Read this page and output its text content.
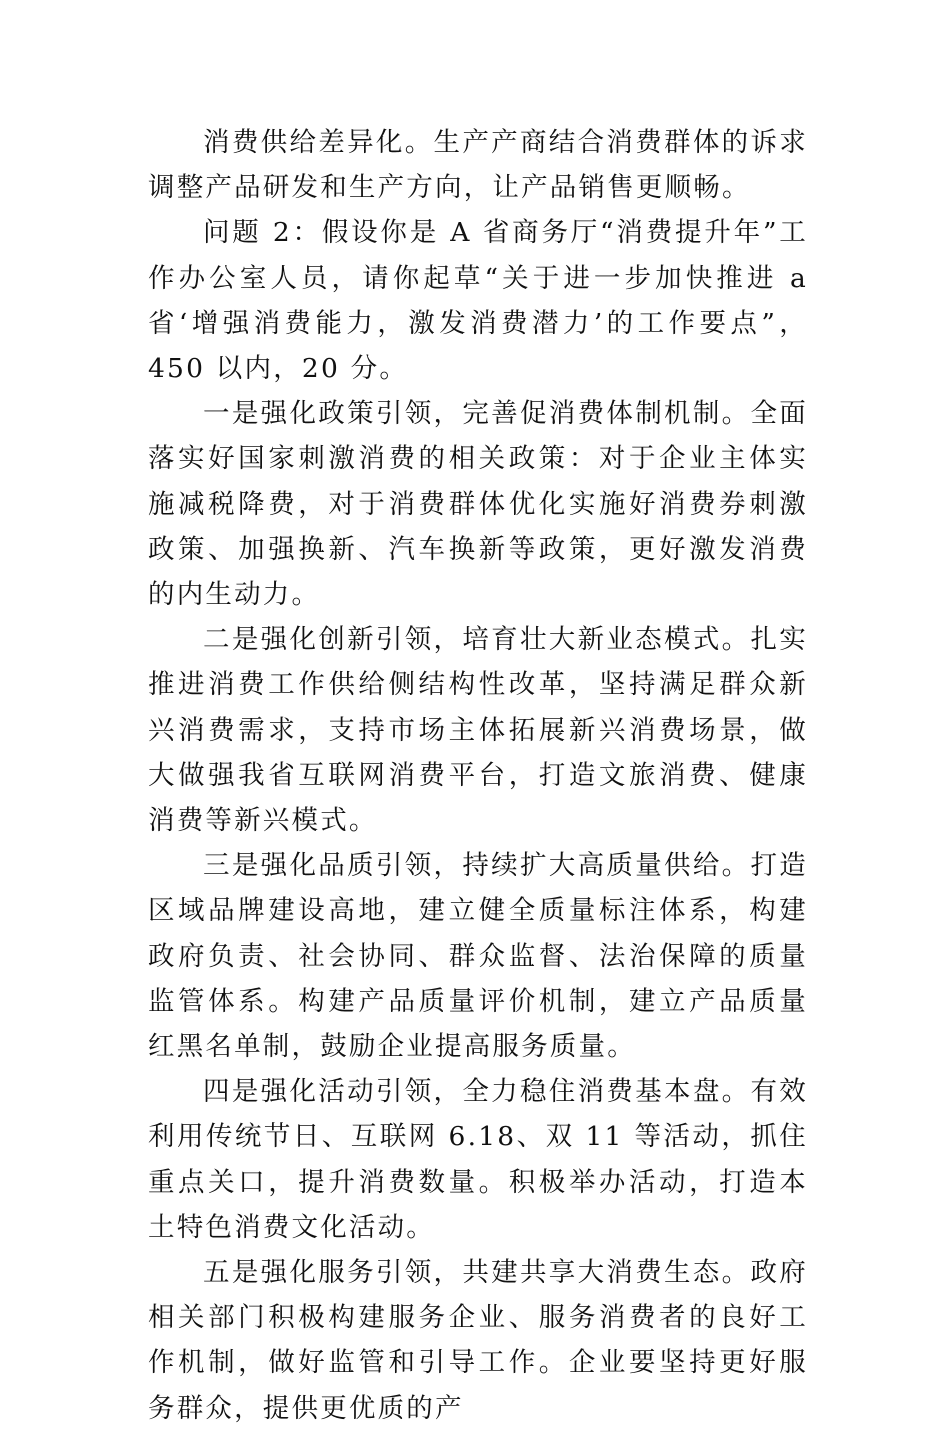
消费供给差异化。生产产商结合消费群体的诉求调整产品研发和生产方向，让产品销售更顺畅。

问题 2：假设你是 A 省商务厅“消费提升年”工作办公室人员，请你起草“关于进一步加快推进 a 省‘增强消费能力，激发消费潜力’的工作要点”，450 以内，20 分。

一是强化政策引领，完善促消费体制机制。全面落实好国家刺激消费的相关政策：对于企业主体实施减税降费，对于消费群体优化实施好消费券刺激政策、加强换新、汽车换新等政策，更好激发消费的内生动力。

二是强化创新引领，培育壮大新业态模式。扎实推进消费工作供给侧结构性改革，坚持满足群众新兴消费需求，支持市场主体拓展新兴消费场景，做大做强我省互联网消费平台，打造文旅消费、健康消费等新兴模式。

三是强化品质引领，持续扩大高质量供给。打造区域品牌建设高地，建立健全质量标注体系，构建政府负责、社会协同、群众监督、法治保障的质量监管体系。构建产品质量评价机制，建立产品质量红黑名单制，鼓励企业提高服务质量。

四是强化活动引领，全力稳住消费基本盘。有效利用传统节日、互联网 6.18、双 11 等活动，抓住重点关口，提升消费数量。积极举办活动，打造本土特色消费文化活动。

五是强化服务引领，共建共享大消费生态。政府相关部门积极构建服务企业、服务消费者的良好工作机制，做好监管和引导工作。企业要坚持更好服务群众，提供更优质的产
